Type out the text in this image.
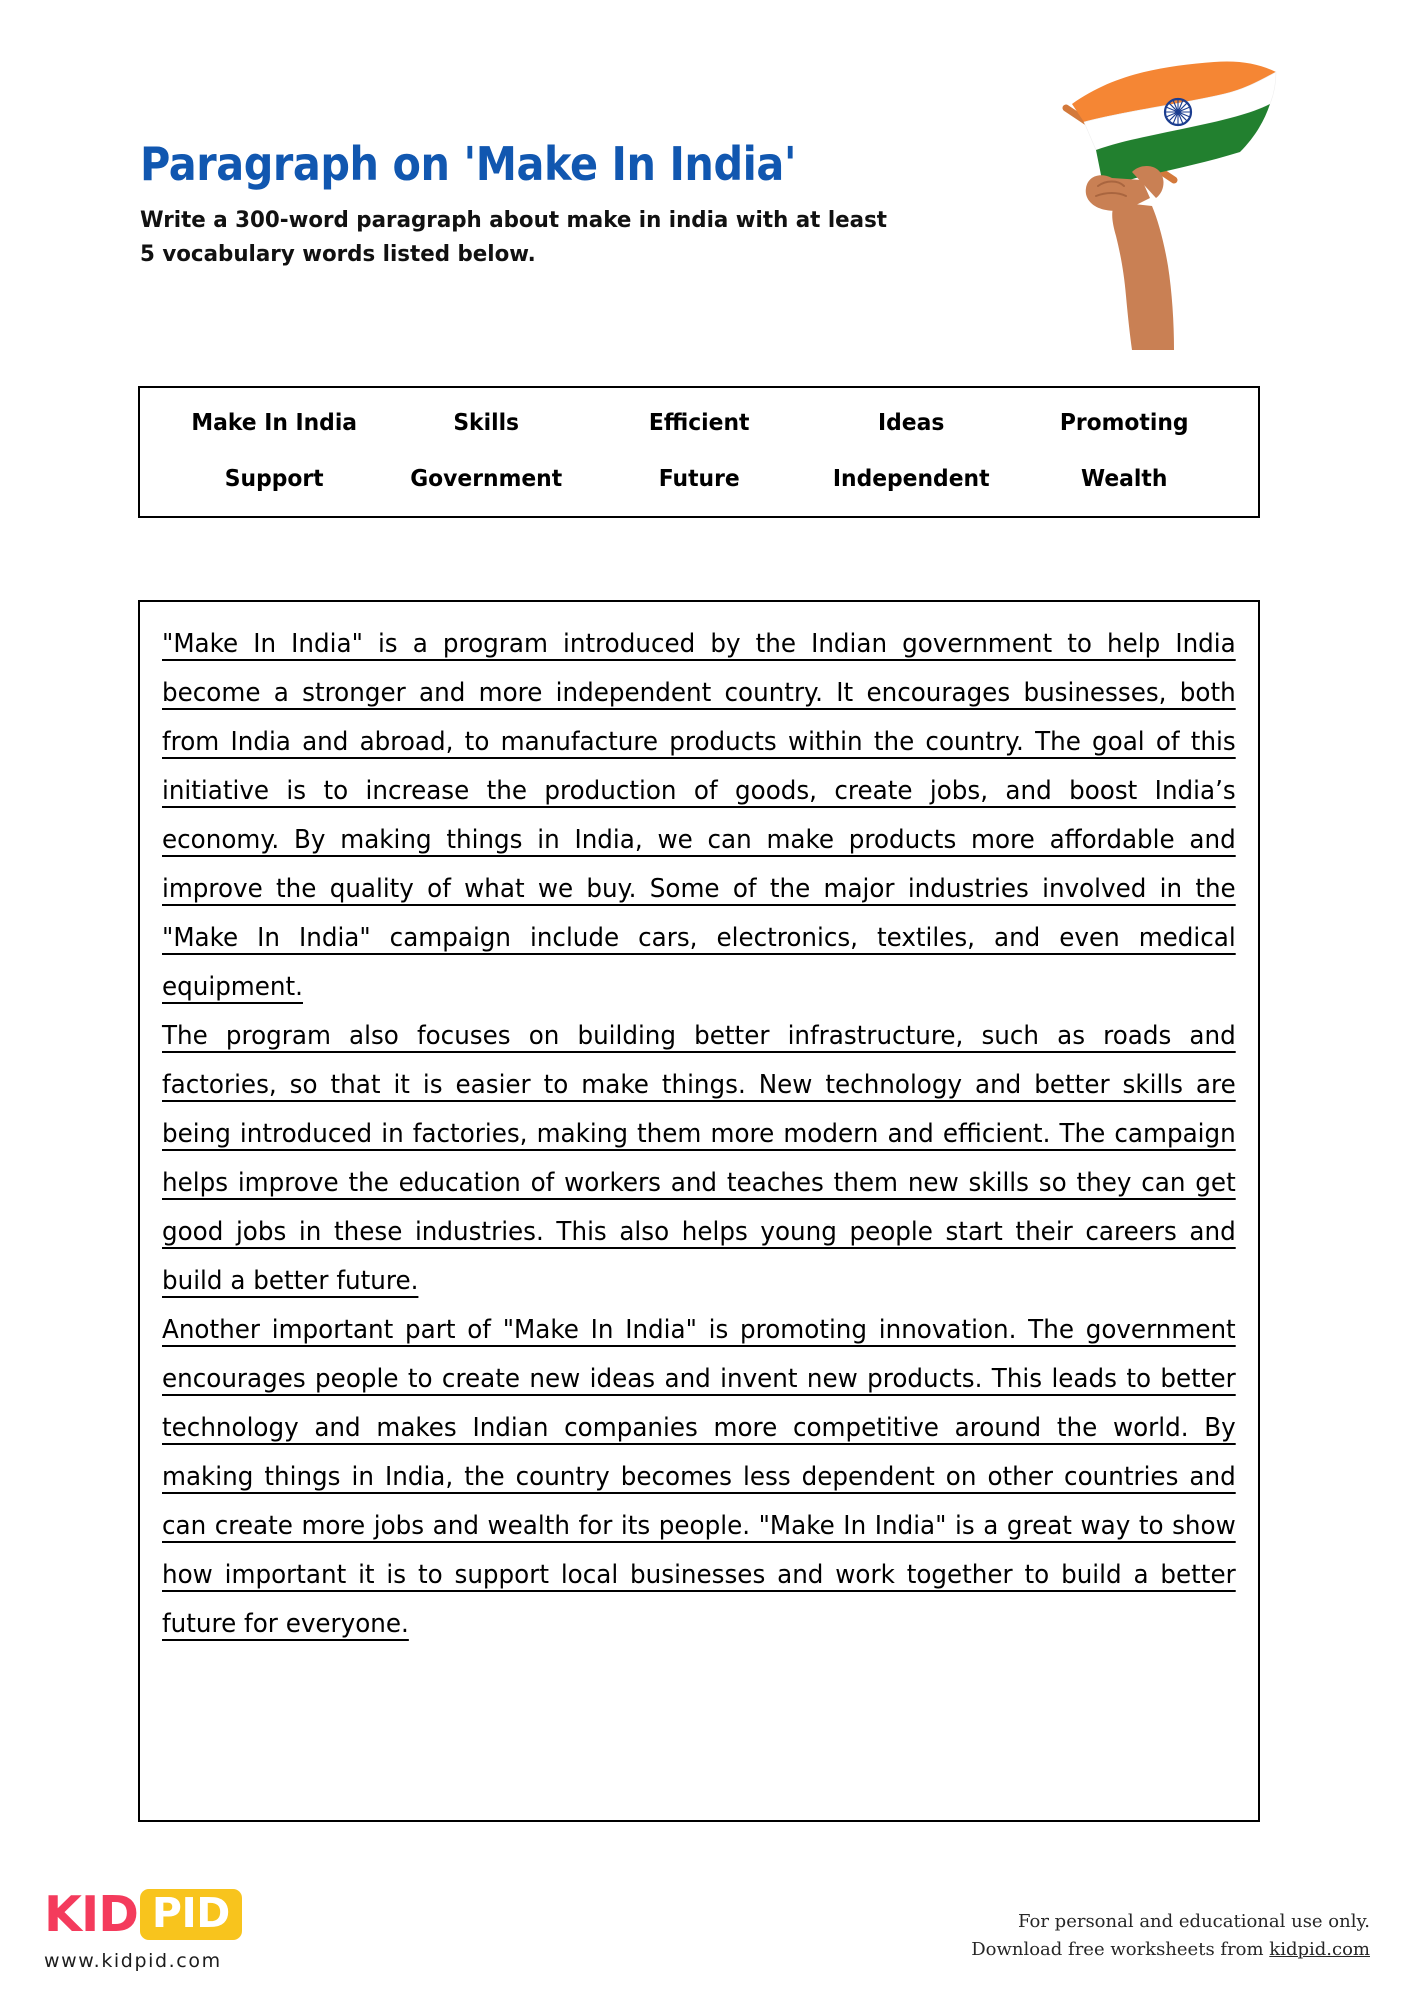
Paragraph on 'Make In India'

Write a 300-word paragraph about make in india with at least 5 vocabulary words listed below.

Make In India	Skills	Efficient	Ideas	Promoting
Support	Government	Future	Independent	Wealth

"Make In India" is a program introduced by the Indian government to help India become a stronger and more independent country. It encourages businesses, both from India and abroad, to manufacture products within the country. The goal of this initiative is to increase the production of goods, create jobs, and boost India’s economy. By making things in India, we can make products more affordable and improve the quality of what we buy. Some of the major industries involved in the "Make In India" campaign include cars, electronics, textiles, and even medical equipment.

The program also focuses on building better infrastructure, such as roads and factories, so that it is easier to make things. New technology and better skills are being introduced in factories, making them more modern and efficient. The campaign helps improve the education of workers and teaches them new skills so they can get good jobs in these industries. This also helps young people start their careers and build a better future.

Another important part of "Make In India" is promoting innovation. The government encourages people to create new ideas and invent new products. This leads to better technology and makes Indian companies more competitive around the world. By making things in India, the country becomes less dependent on other countries and can create more jobs and wealth for its people. "Make In India" is a great way to show how important it is to support local businesses and work together to build a better future for everyone.

KID PID
www.kidpid.com
For personal and educational use only.
Download free worksheets from kidpid.com
